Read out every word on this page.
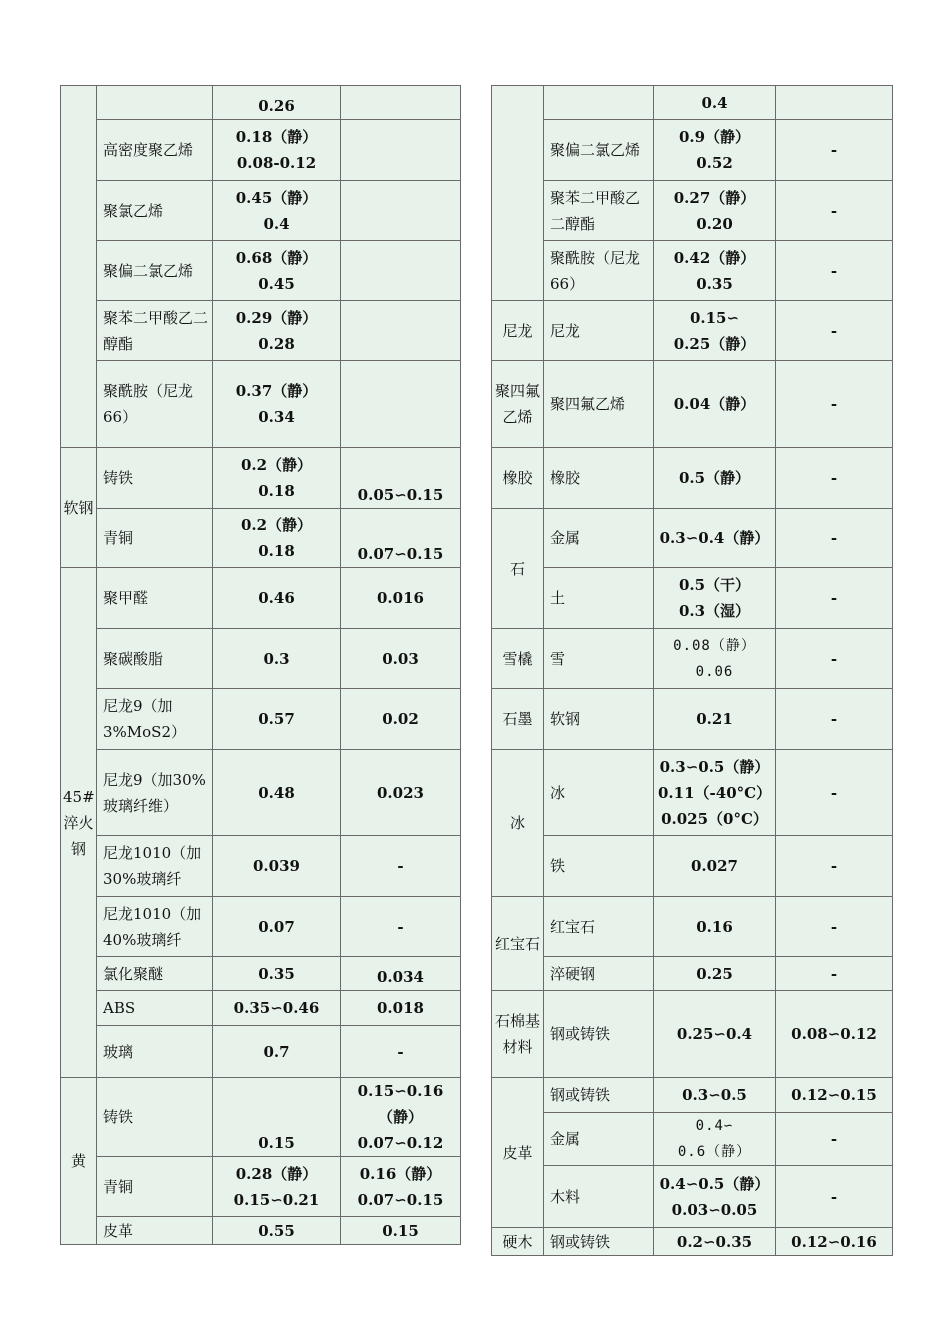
		0.26	

	高密度聚乙烯	0.18（静）
0.08-0.12	

	聚氯乙烯	0.45（静）
0.4	

	聚偏二氯乙烯	0.68（静）
0.45	

	聚苯二甲酸乙二醇酯	0.29（静）
0.28	

	聚酰胺（尼龙66）	0.37（静）
0.34	

软钢	铸铁	0.2（静）
0.18	0.05∽0.15

	青铜	0.2（静）
0.18	0.07∽0.15

45#淬火钢	聚甲醛	0.46	0.016

	聚碳酸脂	0.3	0.03

	尼龙9（加3%MoS2）	0.57	0.02

	尼龙9（加30%玻璃纤维）	0.48	0.023

	尼龙1010（加30%玻璃纤	0.039	-

	尼龙1010（加40%玻璃纤	0.07	-

	氯化聚醚	0.35	0.034

	ABS	0.35∽0.46	0.018

	玻璃	0.7	-

黄	铸铁	0.15	0.15∽0.16（静）
0.07∽0.12

	青铜	0.28（静）
0.15∽0.21	0.16（静）
0.07∽0.15

	皮革	0.55	0.15

		0.4	

	聚偏二氯乙烯	0.9（静）
0.52	-

	聚苯二甲酸乙二醇酯	0.27（静）
0.20	-

	聚酰胺（尼龙66）	0.42（静）
0.35	-

尼龙	尼龙	0.15∽
0.25（静）	-

聚四氟乙烯	聚四氟乙烯	0.04（静）	-

橡胶	橡胶	0.5（静）	-

石	金属	0.3∽0.4（静）	-

	土	0.5（干）
0.3（湿）	-

雪橇	雪	0.08（静）
0.06	-

石墨	软钢	0.21	-

冰	冰	0.3∽0.5（静）
0.11（-40°C）
0.025（0°C）	-

	铁	0.027	-

红宝石	红宝石	0.16	-

	淬硬钢	0.25	-

石棉基材料	钢或铸铁	0.25∽0.4	0.08∽0.12

皮革	钢或铸铁	0.3∽0.5	0.12∽0.15

	金属	0.4∽
0.6（静）	-

	木料	0.4∽0.5（静）
0.03∽0.05	-

硬木	钢或铸铁	0.2∽0.35	0.12∽0.16
